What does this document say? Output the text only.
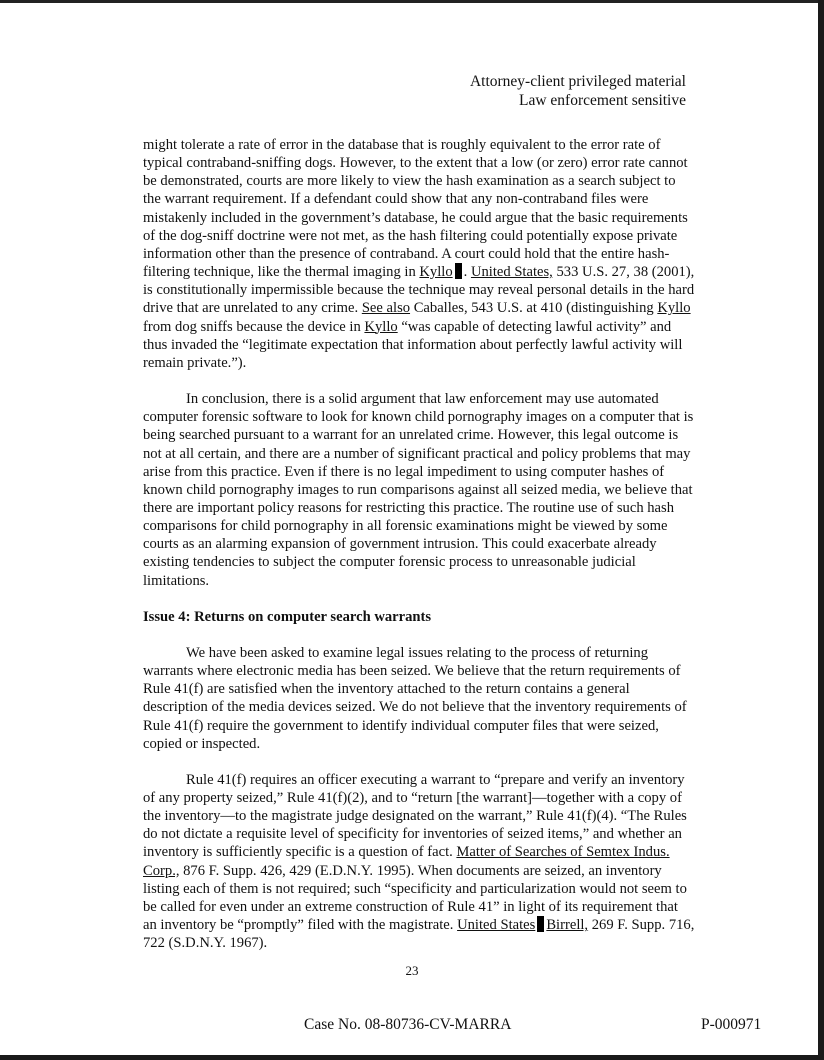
Attorney-client privileged material
Law enforcement sensitive

might tolerate a rate of error in the database that is roughly equivalent to the error rate of typical contraband-sniffing dogs. However, to the extent that a low (or zero) error rate cannot be demonstrated, courts are more likely to view the hash examination as a search subject to the warrant requirement. If a defendant could show that any non-contraband files were mistakenly included in the government’s database, he could argue that the basic requirements of the dog-sniff doctrine were not met, as the hash filtering could potentially expose private information other than the presence of contraband. A court could hold that the entire hash-filtering technique, like the thermal imaging in Kyllo . United States, 533 U.S. 27, 38 (2001), is constitutionally impermissible because the technique may reveal personal details in the hard drive that are unrelated to any crime. See also Caballes, 543 U.S. at 410 (distinguishing Kyllo from dog sniffs because the device in Kyllo “was capable of detecting lawful activity” and thus invaded the “legitimate expectation that information about perfectly lawful activity will remain private.”).

In conclusion, there is a solid argument that law enforcement may use automated computer forensic software to look for known child pornography images on a computer that is being searched pursuant to a warrant for an unrelated crime. However, this legal outcome is not at all certain, and there are a number of significant practical and policy problems that may arise from this practice. Even if there is no legal impediment to using computer hashes of known child pornography images to run comparisons against all seized media, we believe that there are important policy reasons for restricting this practice. The routine use of such hash comparisons for child pornography in all forensic examinations might be viewed by some courts as an alarming expansion of government intrusion. This could exacerbate already existing tendencies to subject the computer forensic process to unreasonable judicial limitations.

Issue 4: Returns on computer search warrants

We have been asked to examine legal issues relating to the process of returning warrants where electronic media has been seized. We believe that the return requirements of Rule 41(f) are satisfied when the inventory attached to the return contains a general description of the media devices seized. We do not believe that the inventory requirements of Rule 41(f) require the government to identify individual computer files that were seized, copied or inspected.

Rule 41(f) requires an officer executing a warrant to “prepare and verify an inventory of any property seized,” Rule 41(f)(2), and to “return [the warrant]—together with a copy of the inventory—to the magistrate judge designated on the warrant,” Rule 41(f)(4). “The Rules do not dictate a requisite level of specificity for inventories of seized items,” and whether an inventory is sufficiently specific is a question of fact. Matter of Searches of Semtex Indus. Corp., 876 F. Supp. 426, 429 (E.D.N.Y. 1995). When documents are seized, an inventory listing each of them is not required; such “specificity and particularization would not seem to be called for even under an extreme construction of Rule 41” in light of its requirement that an inventory be “promptly” filed with the magistrate. United States Birrell, 269 F. Supp. 716, 722 (S.D.N.Y. 1967).

23
Case No. 08-80736-CV-MARRA	P-000971
